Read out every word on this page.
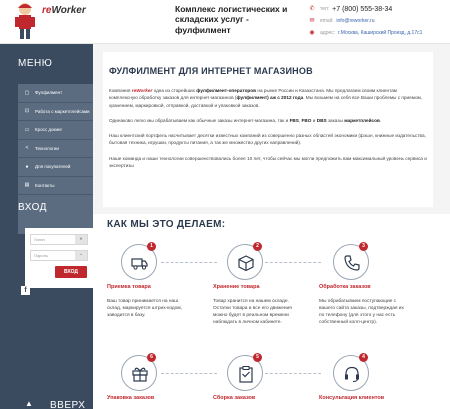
reWorker	Комплекс логистических и складских услуг - фулфилмент
✆ тел: +7 (800) 555-38-34
✉ email: info@reworker.ru
◉ адрес: г.Москва, Каширский Проезд, д.17с1
МЕНЮ
▢ Фулфилмент
⊡ Работа с маркетплейсами
▭ Кросс докинг
<	Технологии
●	Для покупателей
▤ Контакты
ВХОД
Логин	●
Пароль	▪
ВХОД
f
▲	ВВЕРХ
ФУЛФИЛМЕНТ ДЛЯ ИНТЕРНЕТ МАГАЗИНОВ

Компания reWorker одна из старейших фулфилмент-операторов на рынке России и Казахстана. Мы предлагаем своим клиентам комплексную обработку заказов для интернет-магазинов (фулфилмент) аж с 2012 года. Мы возьмем на себя все Ваши проблемы с приемом, хранением, маркировкой, отправкой, доставкой и упаковкой заказов.

Одинаково легко мы обрабатываем как обычные заказы интернет-магазина, так и FBS, FBO и DBS заказы маркетплейсов.

Наш клиентский портфель насчитывает десятки известных компаний из совершенно разных областей экономики (фэшн, книжные издательства, бытовая техника, игрушки, продукты питания, а так же множество других направлений).

Наше команда и наши технологии совершенствовались более 10 лет, чтобы сейчас мы могли предложить вам максимальный уровень сервиса и экспертизы

КАК МЫ ЭТО ДЕЛАЕМ:
1
Приемка товара
Ваш товар принимается на наш склад, маркируется штрих-кодом, заводится в базу.
2
Хранение товара
Товар хранится на нашем складе. Остатки товара и все его движения можно будет в реальном времени наблюдать в личном кабинете.
3
Обработка заказов
Мы обрабатываем поступающие с вашего сайта заказы, подтверждая их по телефону (для этого у нас есть собственный колл-центр).
6
Упаковка заказов
5
Сборка заказов
4
Консультация клиентов
